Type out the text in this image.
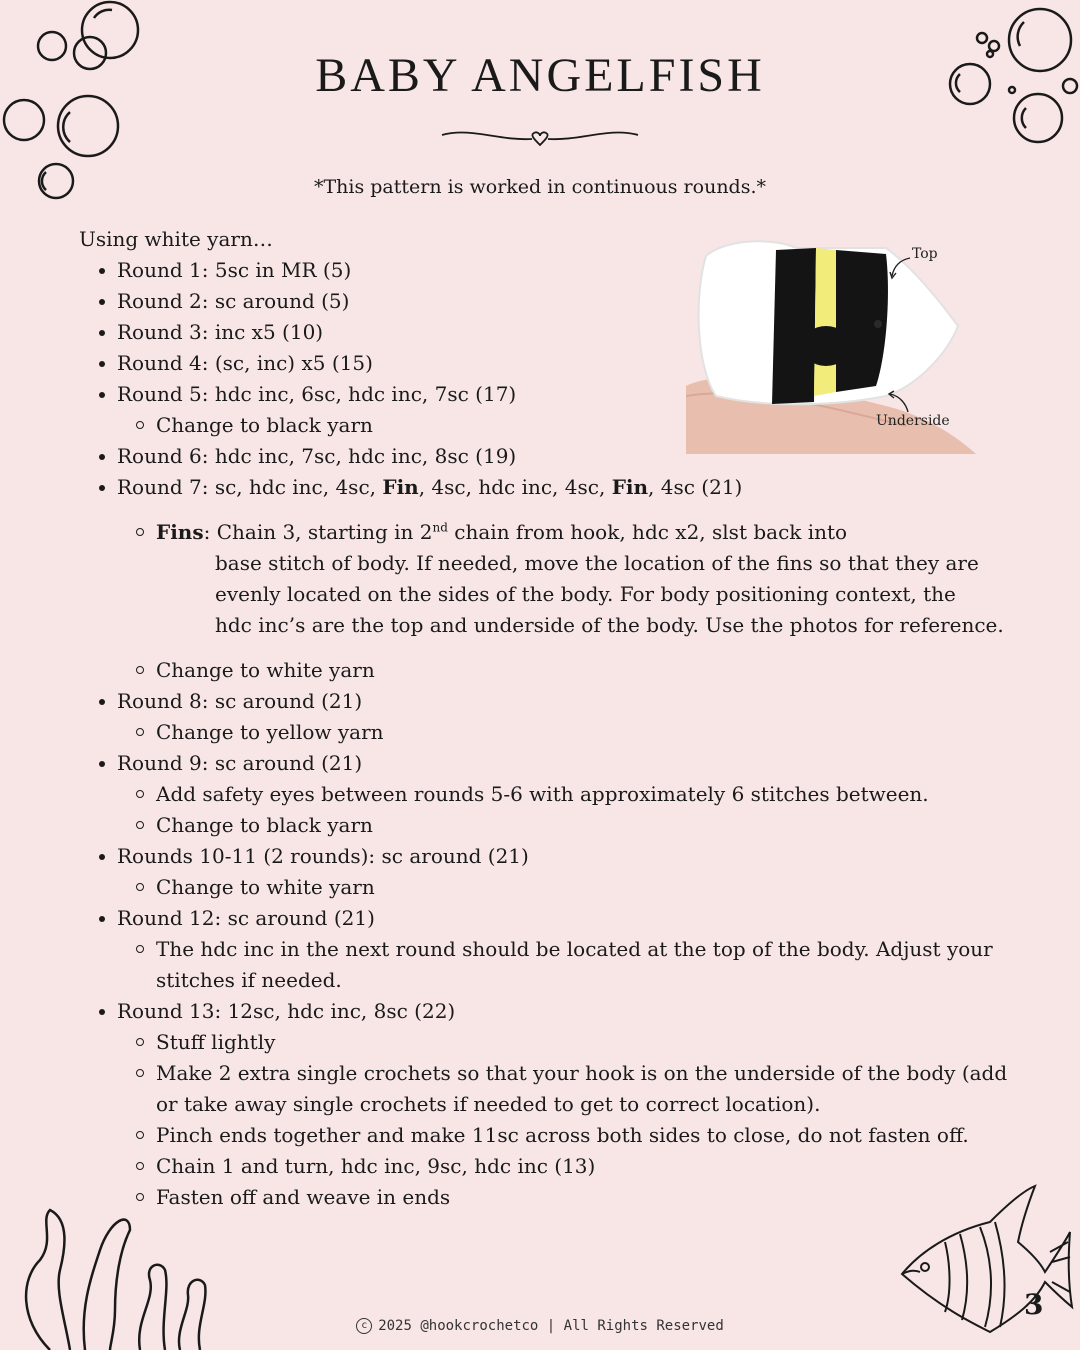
BABY ANGELFISH
*This pattern is worked in continuous rounds.*
Top
Underside
Using white yarn…
Round 1: 5sc in MR (5)
Round 2: sc around (5)
Round 3: inc x5 (10)
Round 4: (sc, inc) x5 (15)
Round 5: hdc inc, 6sc, hdc inc, 7sc (17)
Change to black yarn
Round 6: hdc inc, 7sc, hdc inc, 8sc (19)
Round 7: sc, hdc inc, 4sc, Fin, 4sc, hdc inc, 4sc, Fin, 4sc (21)
Fins: Chain 3, starting in 2nd chain from hook, hdc x2, slst back into
base stitch of body. If needed, move the location of the fins so that they are
evenly located on the sides of the body. For body positioning context, the
hdc inc’s are the top and underside of the body. Use the photos for reference.
Change to white yarn
Round 8: sc around (21)
Change to yellow yarn
Round 9: sc around (21)
Add safety eyes between rounds 5-6 with approximately 6 stitches between.
Change to black yarn
Rounds 10-11 (2 rounds): sc around (21)
Change to white yarn
Round 12: sc around (21)
The hdc inc in the next round should be located at the top of the body. Adjust your stitches if needed.
Round 13: 12sc, hdc inc, 8sc (22)
Stuff lightly
Make 2 extra single crochets so that your hook is on the underside of the body (add or take away single crochets if needed to get to correct location).
Pinch ends together and make 11sc across both sides to close, do not fasten off.
Chain 1 and turn, hdc inc, 9sc, hdc inc (13)
Fasten off and weave in ends
c 2025 @hookcrochetco | All Rights Reserved
3
